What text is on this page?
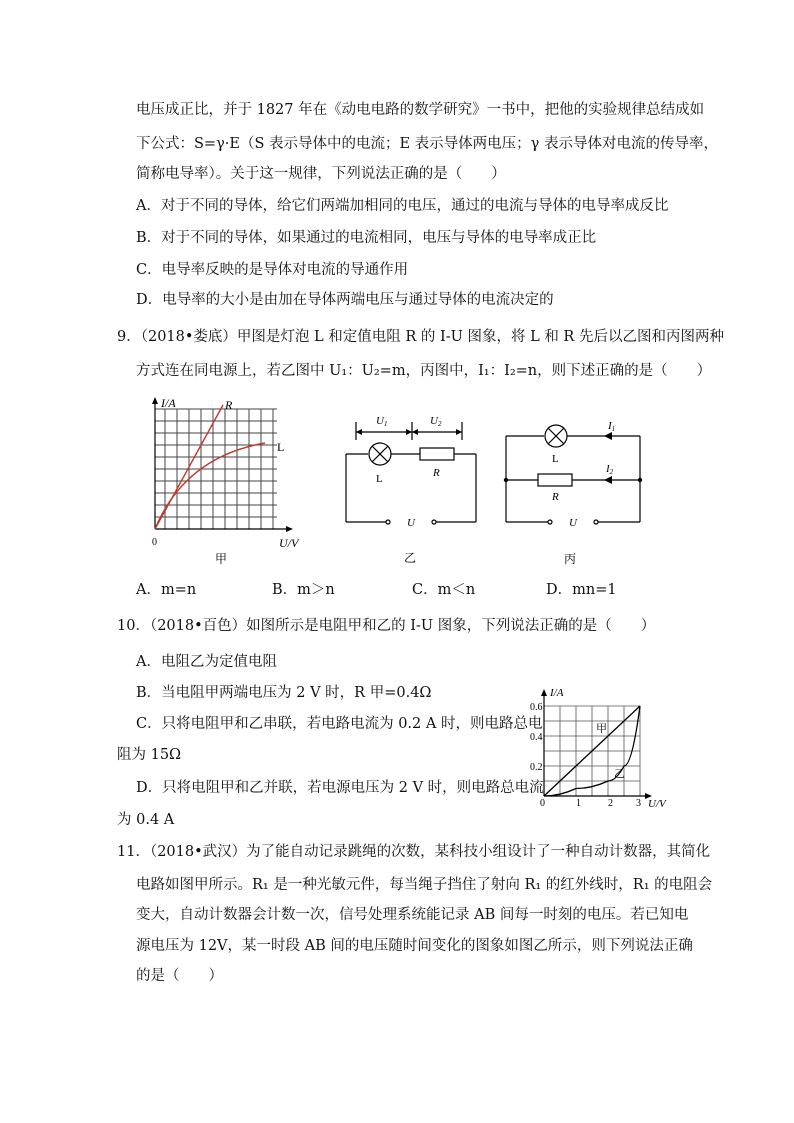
电压成正比，并于 1827 年在《动电电路的数学研究》一书中，把他的实验规律总结成如
下公式：S=γ·E（S 表示导体中的电流；E 表示导体两电压；γ 表示导体对电流的传导率，
简称电导率）。关于这一规律，下列说法正确的是（　　）
A．对于不同的导体，给它们两端加相同的电压，通过的电流与导体的电导率成反比
B．对于不同的导体，如果通过的电流相同，电压与导体的电导率成正比
C．电导率反映的是导体对电流的导通作用
D．电导率的大小是由加在导体两端电压与通过导体的电流决定的
9．（2018•娄底）甲图是灯泡 L 和定值电阻 R 的 I-U 图象，将 L 和 R 先后以乙图和丙图两种
方式连在同电源上，若乙图中 U₁：U₂=m，丙图中，I₁：I₂=n，则下述正确的是（　　）
I/A	R
L
0	U/V
甲
U1	U2
L	R
U
乙
I1
I2
L
R
U
丙
A．m=n	B．m＞n	C．m＜n	D．mn=1
10．（2018•百色）如图所示是电阻甲和乙的 I-U 图象，下列说法正确的是（　　）
A．电阻乙为定值电阻
B．当电阻甲两端电压为 2 V 时，R 甲=0.4Ω
C．只将电阻甲和乙串联，若电路电流为 0.2 A 时，则电路总电
阻为 15Ω
D．只将电阻甲和乙并联，若电源电压为 2 V 时，则电路总电流
为 0.4 A
I/A
U/V
0
0.2
0.4
0.6
1	2 3
甲
乙
11．（2018•武汉）为了能自动记录跳绳的次数，某科技小组设计了一种自动计数器，其简化
电路如图甲所示。R₁ 是一种光敏元件，每当绳子挡住了射向 R₁ 的红外线时，R₁ 的电阻会
变大，自动计数器会计数一次，信号处理系统能记录 AB 间每一时刻的电压。若已知电
源电压为 12V，某一时段 AB 间的电压随时间变化的图象如图乙所示，则下列说法正确
的是（　　）
